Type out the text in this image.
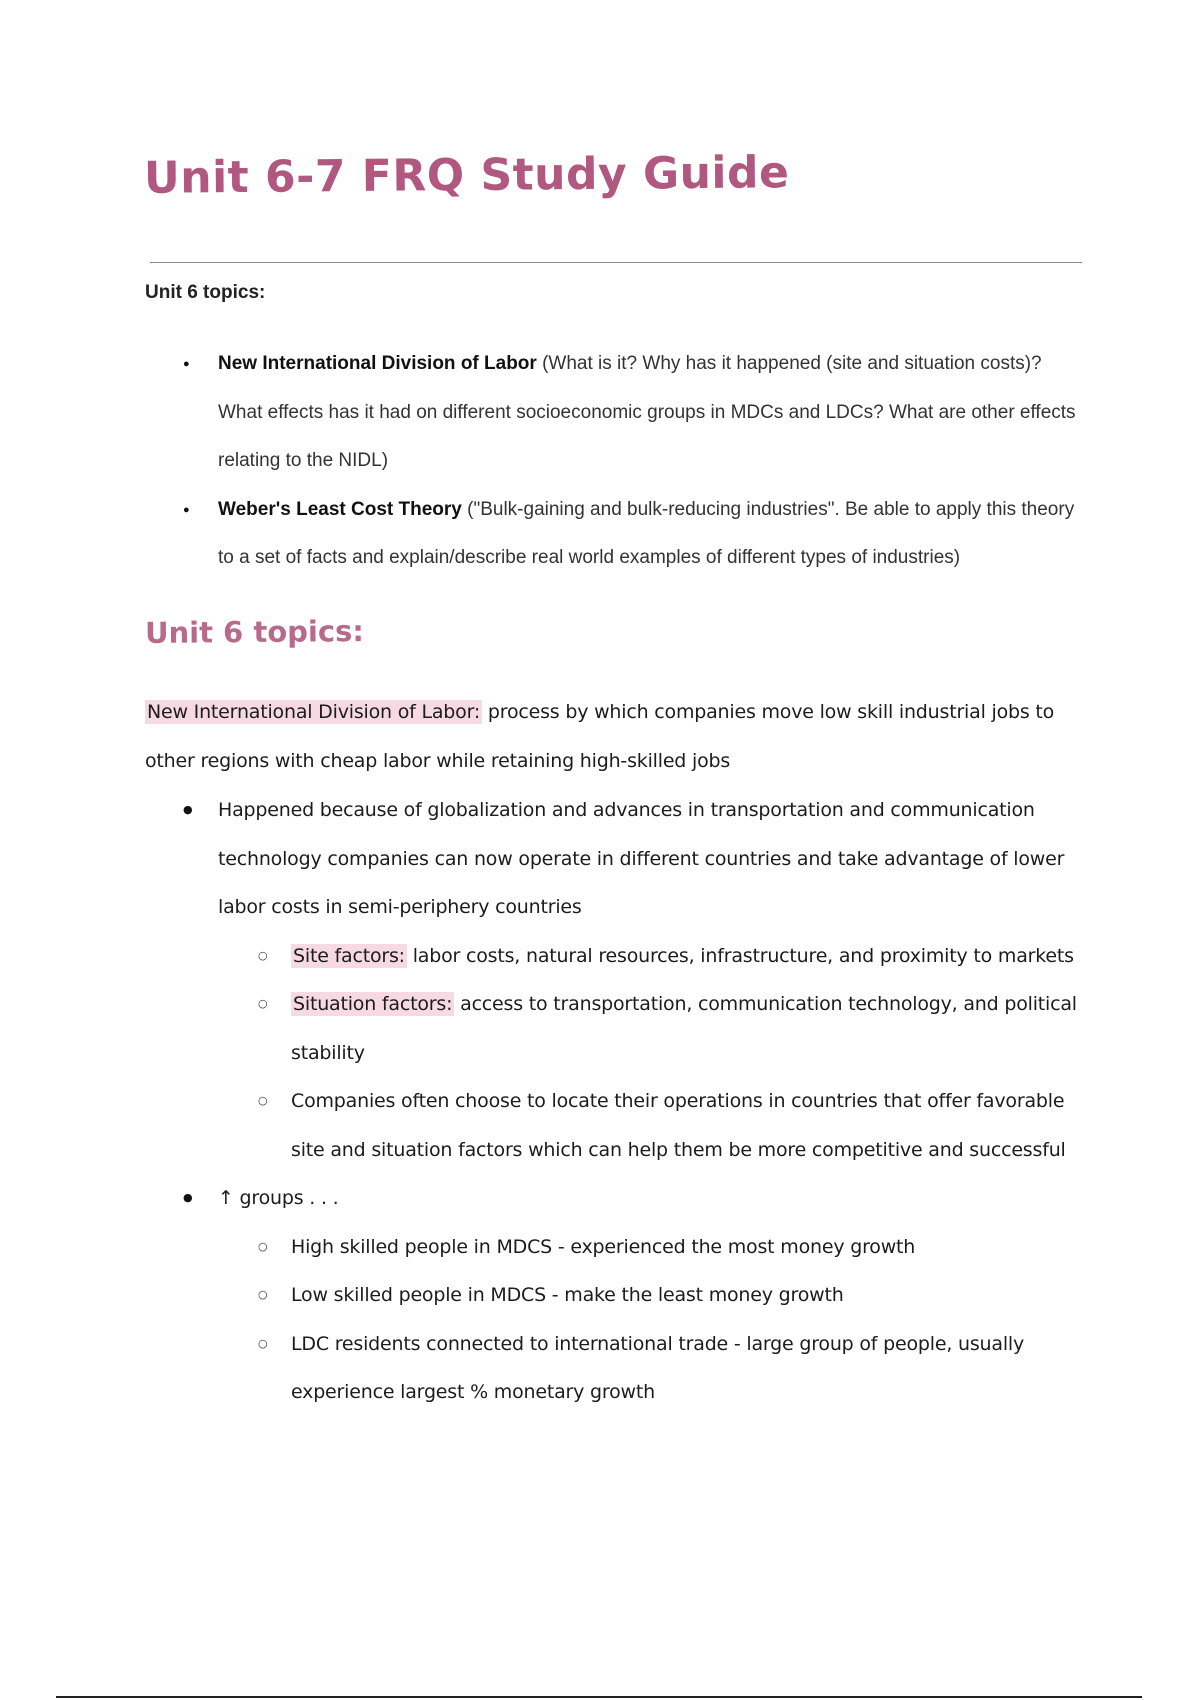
Unit 6-7 FRQ Study Guide
Unit 6 topics:
● New International Division of Labor (What is it? Why has it happened (site and situation costs)? What effects has it had on different socioeconomic groups in MDCs and LDCs? What are other effects relating to the NIDL)
● Weber's Least Cost Theory ("Bulk-gaining and bulk-reducing industries". Be able to apply this theory to a set of facts and explain/describe real world examples of different types of industries)
Unit 6 topics:

New International Division of Labor: process by which companies move low skill industrial jobs to other regions with cheap labor while retaining high-skilled jobs

● Happened because of globalization and advances in transportation and communication technology companies can now operate in different countries and take advantage of lower labor costs in semi-periphery countries
○ Site factors: labor costs, natural resources, infrastructure, and proximity to markets
○ Situation factors: access to transportation, communication technology, and political stability
○ Companies often choose to locate their operations in countries that offer favorable site and situation factors which can help them be more competitive and successful
● ↑ groups . . .
○ High skilled people in MDCS - experienced the most money growth
○ Low skilled people in MDCS - make the least money growth
○ LDC residents connected to international trade - large group of people, usually experience largest % monetary growth
